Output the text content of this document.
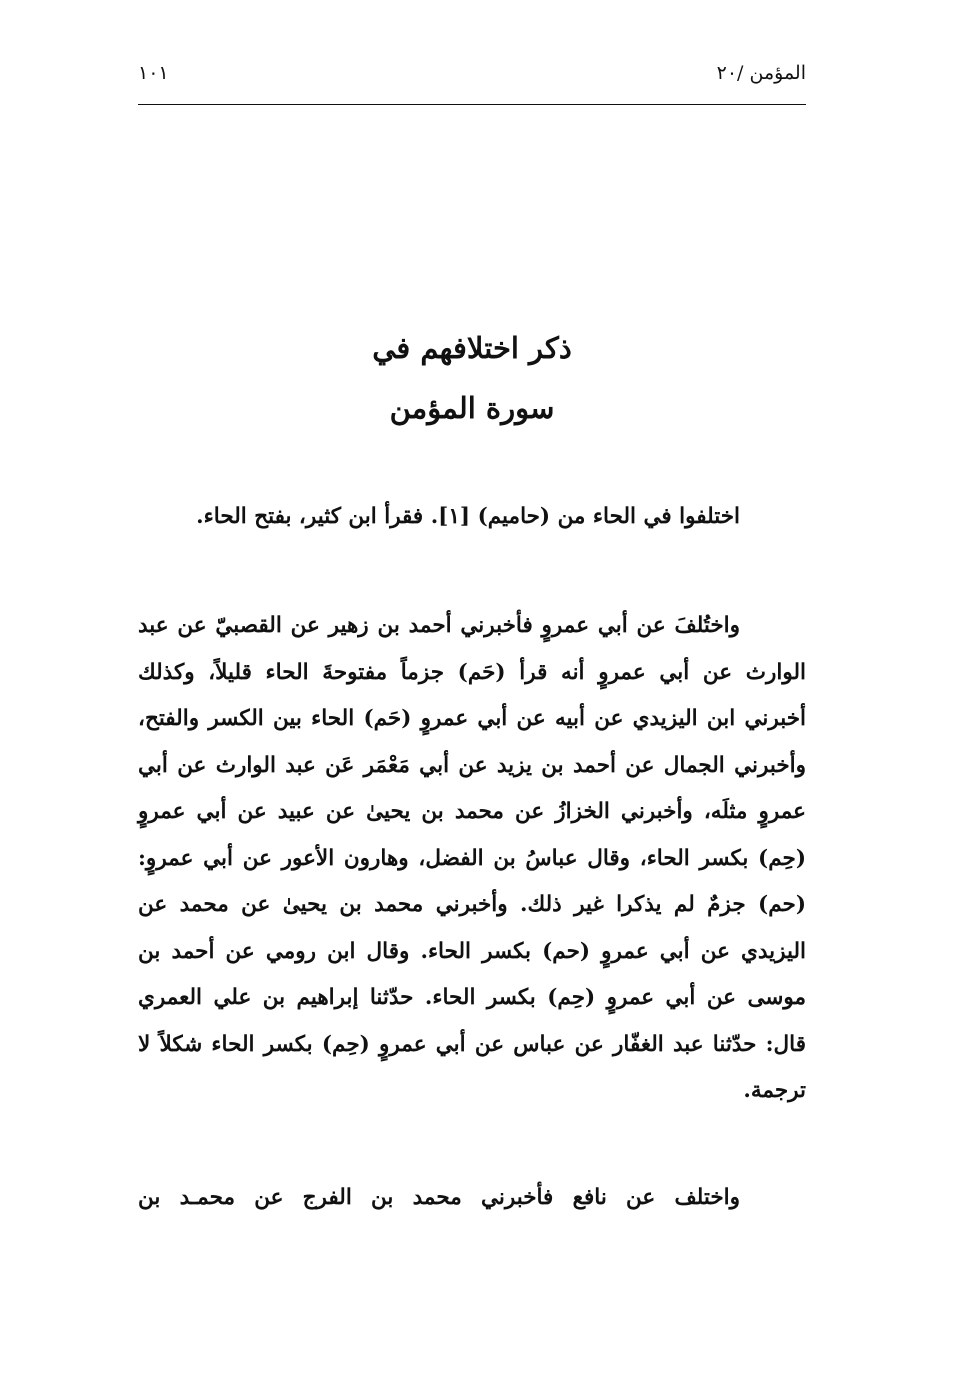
المؤمن /٢٠
١٠١
ذكر اختلافهم في
سورة المؤمن

اختلفوا في الحاء من (حاميم) [١]. فقرأ ابن كثير، بفتح الحاء.

واختُلفَ عن أبي عمروٍ فأخبرني أحمد بن زهير عن القصبيّ عن عبد الوارث عن أبي عمروٍ أنه قرأ (حَم) جزماً مفتوحةَ الحاء قليلاً، وكذلك أخبرني ابن اليزيدي عن أبيه عن أبي عمروٍ (حَم) الحاء بين الكسر والفتح، وأخبرني الجمال عن أحمد بن يزيد عن أبي مَعْمَر عَن عبد الوارث عن أبي عمروٍ مثلَه، وأخبرني الخزازُ عن محمد بن يحيىٰ عن عبيد عن أبي عمروٍ (حِم) بكسر الحاء، وقال عباسُ بن الفضل، وهارون الأعور عن أبي عمروٍ: (حم) جزمٌ لم يذكرا غير ذلك. وأخبرني محمد بن يحيىٰ عن محمد عن اليزيدي عن أبي عمروٍ (حم) بكسر الحاء. وقال ابن رومي عن أحمد بن موسى عن أبي عمروٍ (حِم) بكسر الحاء. حدّثنا إبراهيم بن علي العمري قال: حدّثنا عبد الغفّار عن عباس عن أبي عمروٍ (حِم) بكسر الحاء شكلاً لا ترجمة.

واختلف عن نافع فأخبرني محمد بن الفرج عن محمـد بن
